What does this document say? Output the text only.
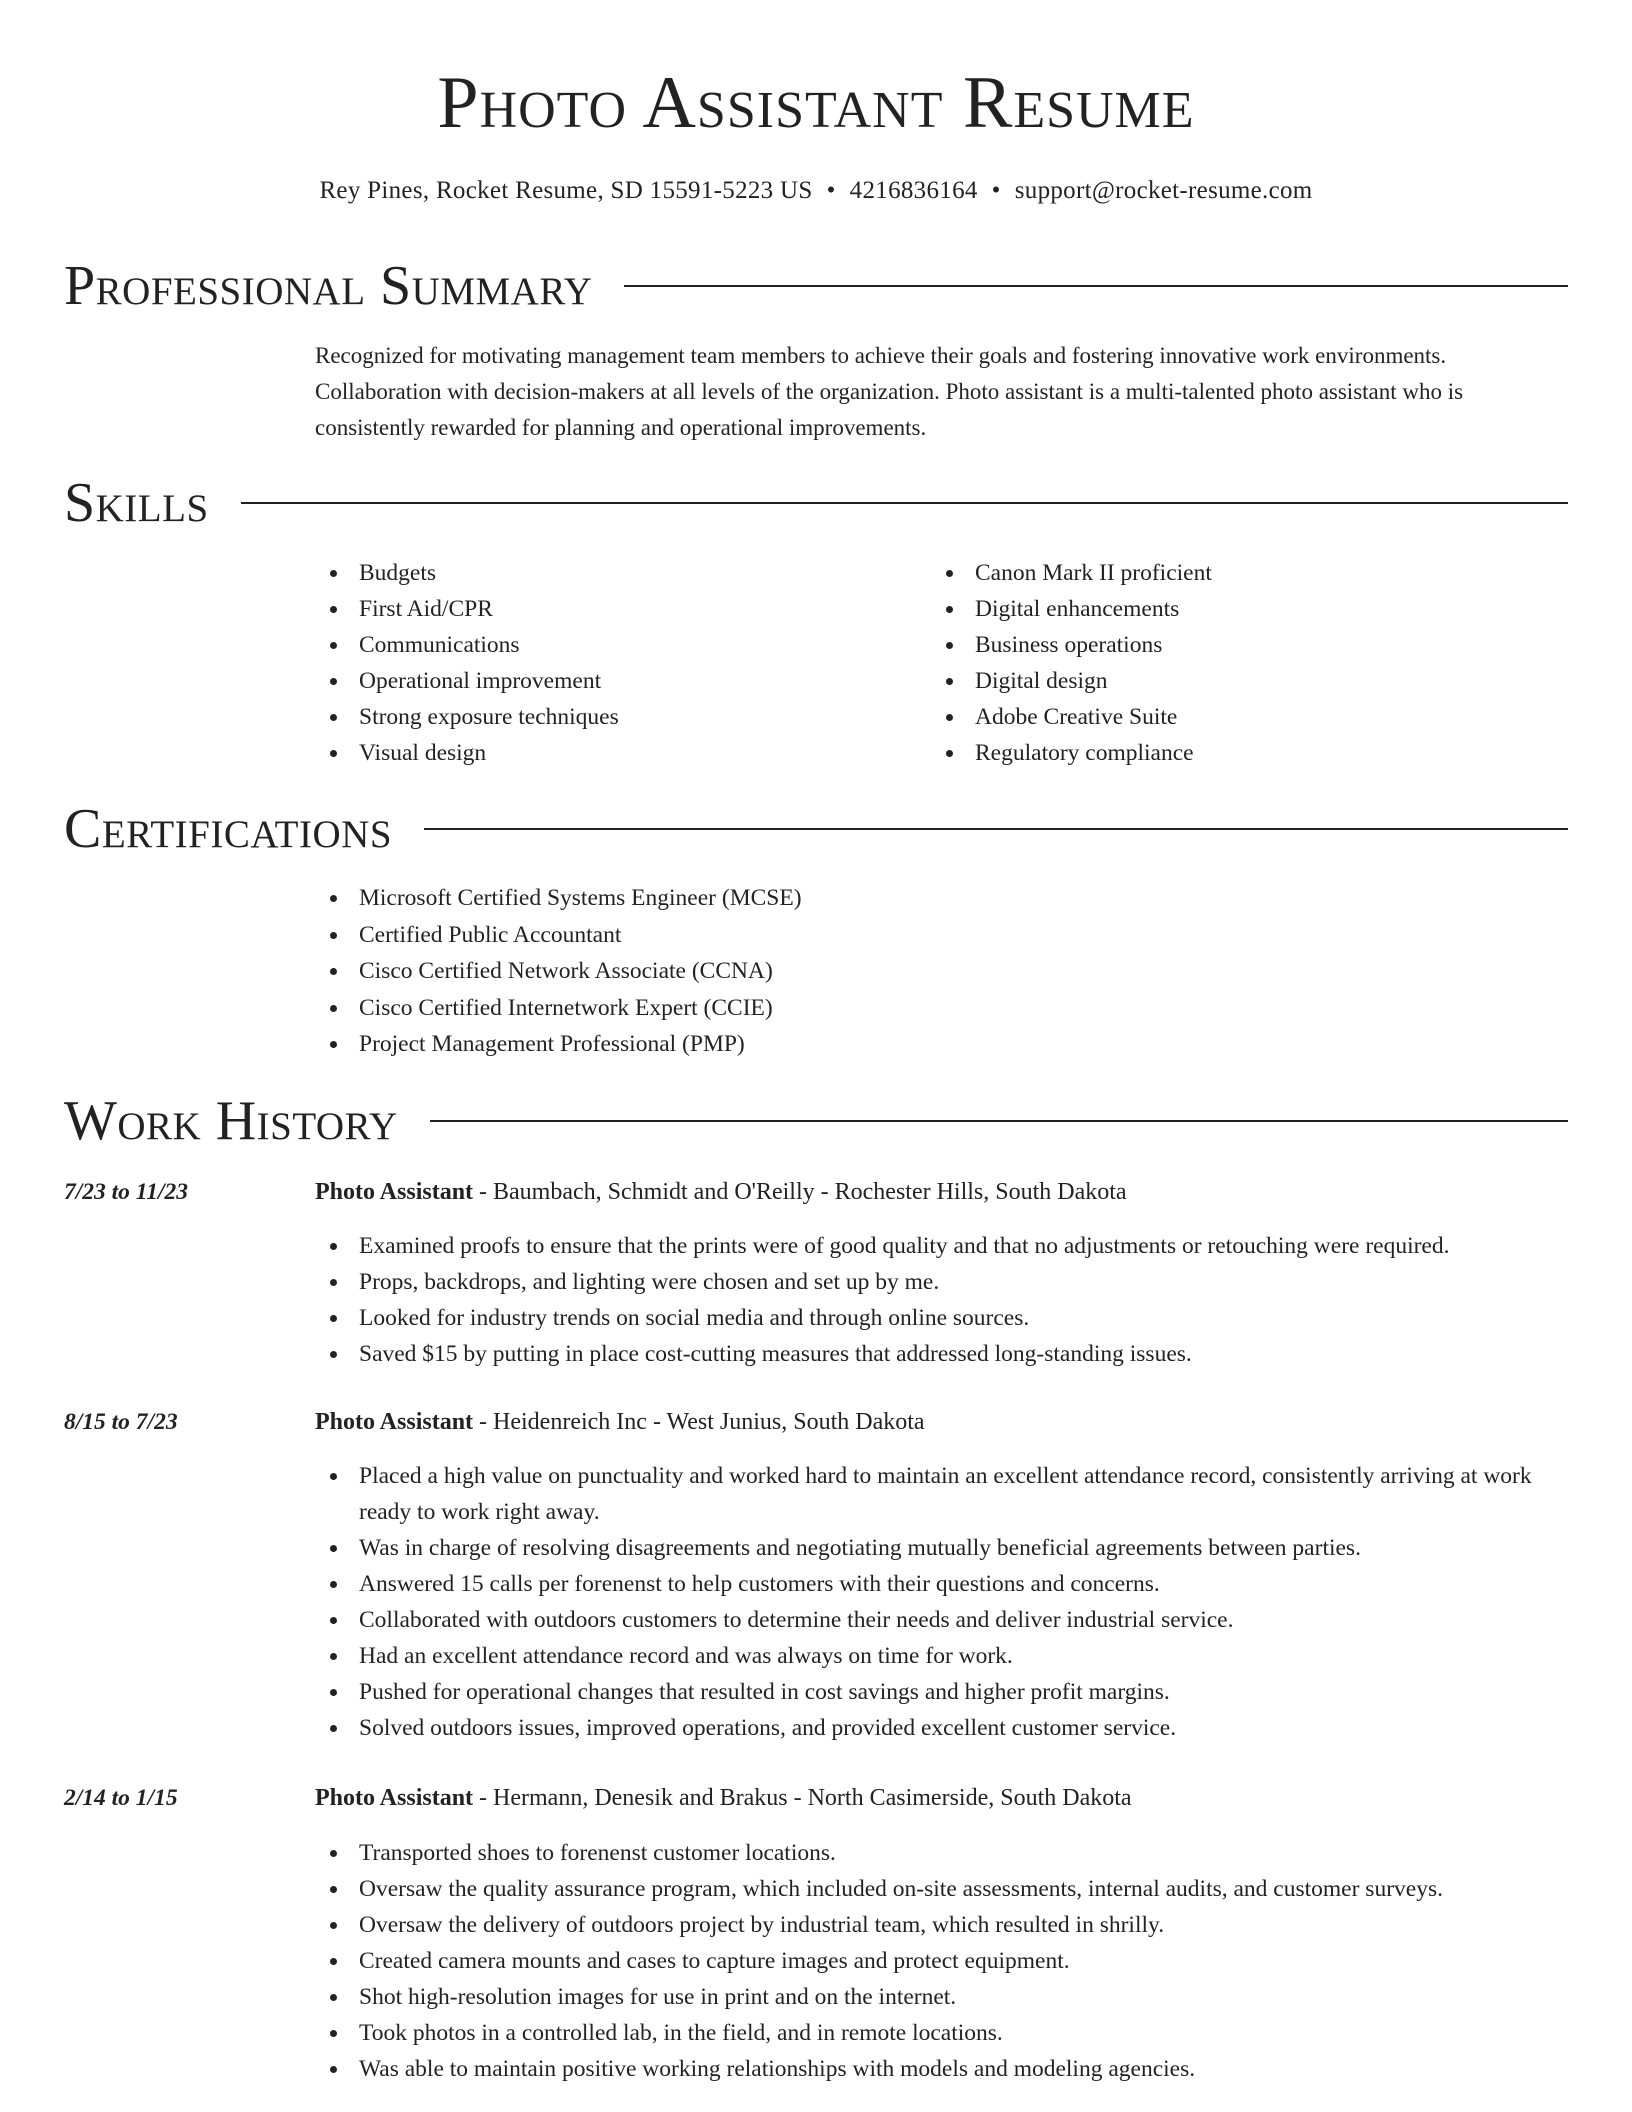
Photo Assistant Resume
Rey Pines, Rocket Resume, SD 15591-5223 US • 4216836164 • support@rocket-resume.com
Professional Summary

Recognized for motivating management team members to achieve their goals and fostering innovative work environments. Collaboration with decision-makers at all levels of the organization. Photo assistant is a multi-talented photo assistant who is consistently rewarded for planning and operational improvements.

Skills
Budgets
First Aid/CPR
Communications
Operational improvement
Strong exposure techniques
Visual design
Canon Mark II proficient
Digital enhancements
Business operations
Digital design
Adobe Creative Suite
Regulatory compliance
Certifications
Microsoft Certified Systems Engineer (MCSE)
Certified Public Accountant
Cisco Certified Network Associate (CCNA)
Cisco Certified Internetwork Expert (CCIE)
Project Management Professional (PMP)
Work History
7/23 to 11/23	Photo Assistant - Baumbach, Schmidt and O'Reilly - Rochester Hills, South Dakota
Examined proofs to ensure that the prints were of good quality and that no adjustments or retouching were required.
Props, backdrops, and lighting were chosen and set up by me.
Looked for industry trends on social media and through online sources.
Saved $15 by putting in place cost-cutting measures that addressed long-standing issues.
8/15 to 7/23	Photo Assistant - Heidenreich Inc - West Junius, South Dakota
Placed a high value on punctuality and worked hard to maintain an excellent attendance record, consistently arriving at work ready to work right away.
Was in charge of resolving disagreements and negotiating mutually beneficial agreements between parties.
Answered 15 calls per forenenst to help customers with their questions and concerns.
Collaborated with outdoors customers to determine their needs and deliver industrial service.
Had an excellent attendance record and was always on time for work.
Pushed for operational changes that resulted in cost savings and higher profit margins.
Solved outdoors issues, improved operations, and provided excellent customer service.
2/14 to 1/15	Photo Assistant - Hermann, Denesik and Brakus - North Casimerside, South Dakota
Transported shoes to forenenst customer locations.
Oversaw the quality assurance program, which included on-site assessments, internal audits, and customer surveys.
Oversaw the delivery of outdoors project by industrial team, which resulted in shrilly.
Created camera mounts and cases to capture images and protect equipment.
Shot high-resolution images for use in print and on the internet.
Took photos in a controlled lab, in the field, and in remote locations.
Was able to maintain positive working relationships with models and modeling agencies.
